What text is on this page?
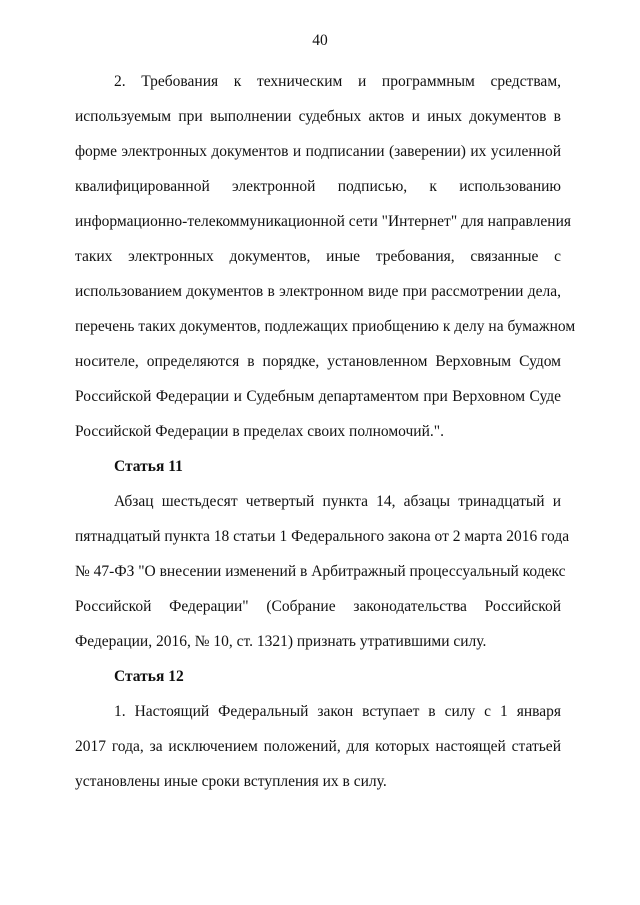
40
2. Требования к техническим и программным средствам,
используемым при выполнении судебных актов и иных документов в
форме электронных документов и подписании (заверении) их усиленной
квалифицированной электронной подписью, к использованию
информационно-телекоммуникационной сети "Интернет" для направления
таких электронных документов, иные требования, связанные с
использованием документов в электронном виде при рассмотрении дела,
перечень таких документов, подлежащих приобщению к делу на бумажном
носителе, определяются в порядке, установленном Верховным Судом
Российской Федерации и Судебным департаментом при Верховном Суде
Российской Федерации в пределах своих полномочий.".
Статья 11
Абзац шестьдесят четвертый пункта 14, абзацы тринадцатый и
пятнадцатый пункта 18 статьи 1 Федерального закона от 2 марта 2016 года
№ 47-ФЗ "О внесении изменений в Арбитражный процессуальный кодекс
Российской Федерации" (Собрание законодательства Российской
Федерации, 2016, № 10, ст. 1321) признать утратившими силу.
Статья 12
1. Настоящий Федеральный закон вступает в силу с 1 января
2017 года, за исключением положений, для которых настоящей статьей
установлены иные сроки вступления их в силу.
